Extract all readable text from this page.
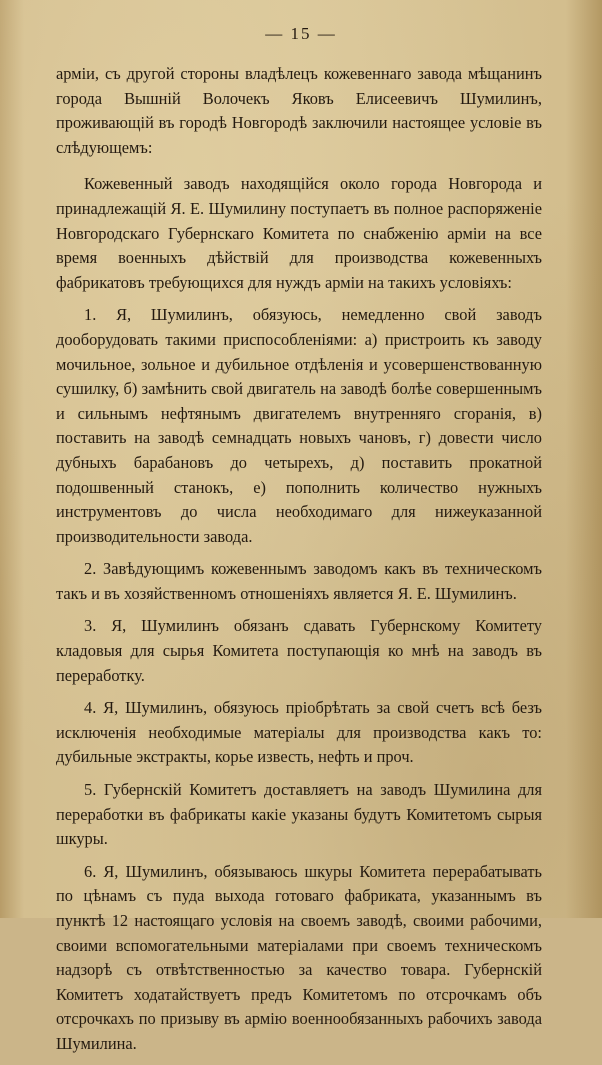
— 15 —

армiи, съ другой стороны владѣлецъ кожевеннаго завода мѣщанинъ города Вышнiй Волочекъ Яковъ Елисеевичъ Шумилинъ, проживающiй въ городѣ Новгородѣ заключили настоящее условiе въ слѣдующемъ:

Кожевенный заводъ находящiйся около города Новгорода и принадлежащiй Я. Е. Шумилину поступаетъ въ полное распоряженiе Новгородскаго Губернскаго Комитета по снабженiю армiи на все время военныхъ дѣйствiй для производства кожевенныхъ фабрикатовъ требующихся для нуждъ армiи на такихъ условiяхъ:

1. Я, Шумилинъ, обязуюсь, немедленно свой заводъ дооборудовать такими приспособленiями: а) пристроить къ заводу мочильное, зольное и дубильное отдѣленiя и усовершенствованную сушилку, б) замѣнить свой двигатель на заводѣ болѣе совершеннымъ и сильнымъ нефтянымъ двигателемъ внутренняго сгоранiя, в) поставить на заводѣ семнадцать новыхъ чановъ, г) довести число дубныхъ барабановъ до четырехъ, д) поставить прокатной подошвенный станокъ, е) пополнить количество нужныхъ инструментовъ до числа необходимаго для нижеуказанной производительности завода.

2. Завѣдующимъ кожевеннымъ заводомъ какъ въ техническомъ такъ и въ хозяйственномъ отношенiяхъ является Я. Е. Шумилинъ.

3. Я, Шумилинъ обязанъ сдавать Губернскому Комитету кладовыя для сырья Комитета поступающiя ко мнѣ на заводъ въ переработку.

4. Я, Шумилинъ, обязуюсь прiобрѣтать за свой счетъ всѣ безъ исключенiя необходимые матерiалы для производства какъ то: дубильные экстракты, корье известь, нефть и проч.

5. Губернскiй Комитетъ доставляетъ на заводъ Шумилина для переработки въ фабрикаты какiе указаны будутъ Комитетомъ сырыя шкуры.

6. Я, Шумилинъ, обязываюсь шкуры Комитета перерабатывать по цѣнамъ съ пуда выхода готоваго фабриката, указаннымъ въ пунктѣ 12 настоящаго условiя на своемъ заводѣ, своими рабочими, своими вспомогательными матерiалами при своемъ техническомъ надзорѣ съ отвѣтственностью за качество товара. Губернскiй Комитетъ ходатайствуетъ предъ Комитетомъ по отсрочкамъ объ отсрочкахъ по призыву въ армiю военнообязанныхъ рабочихъ завода Шумилина.
